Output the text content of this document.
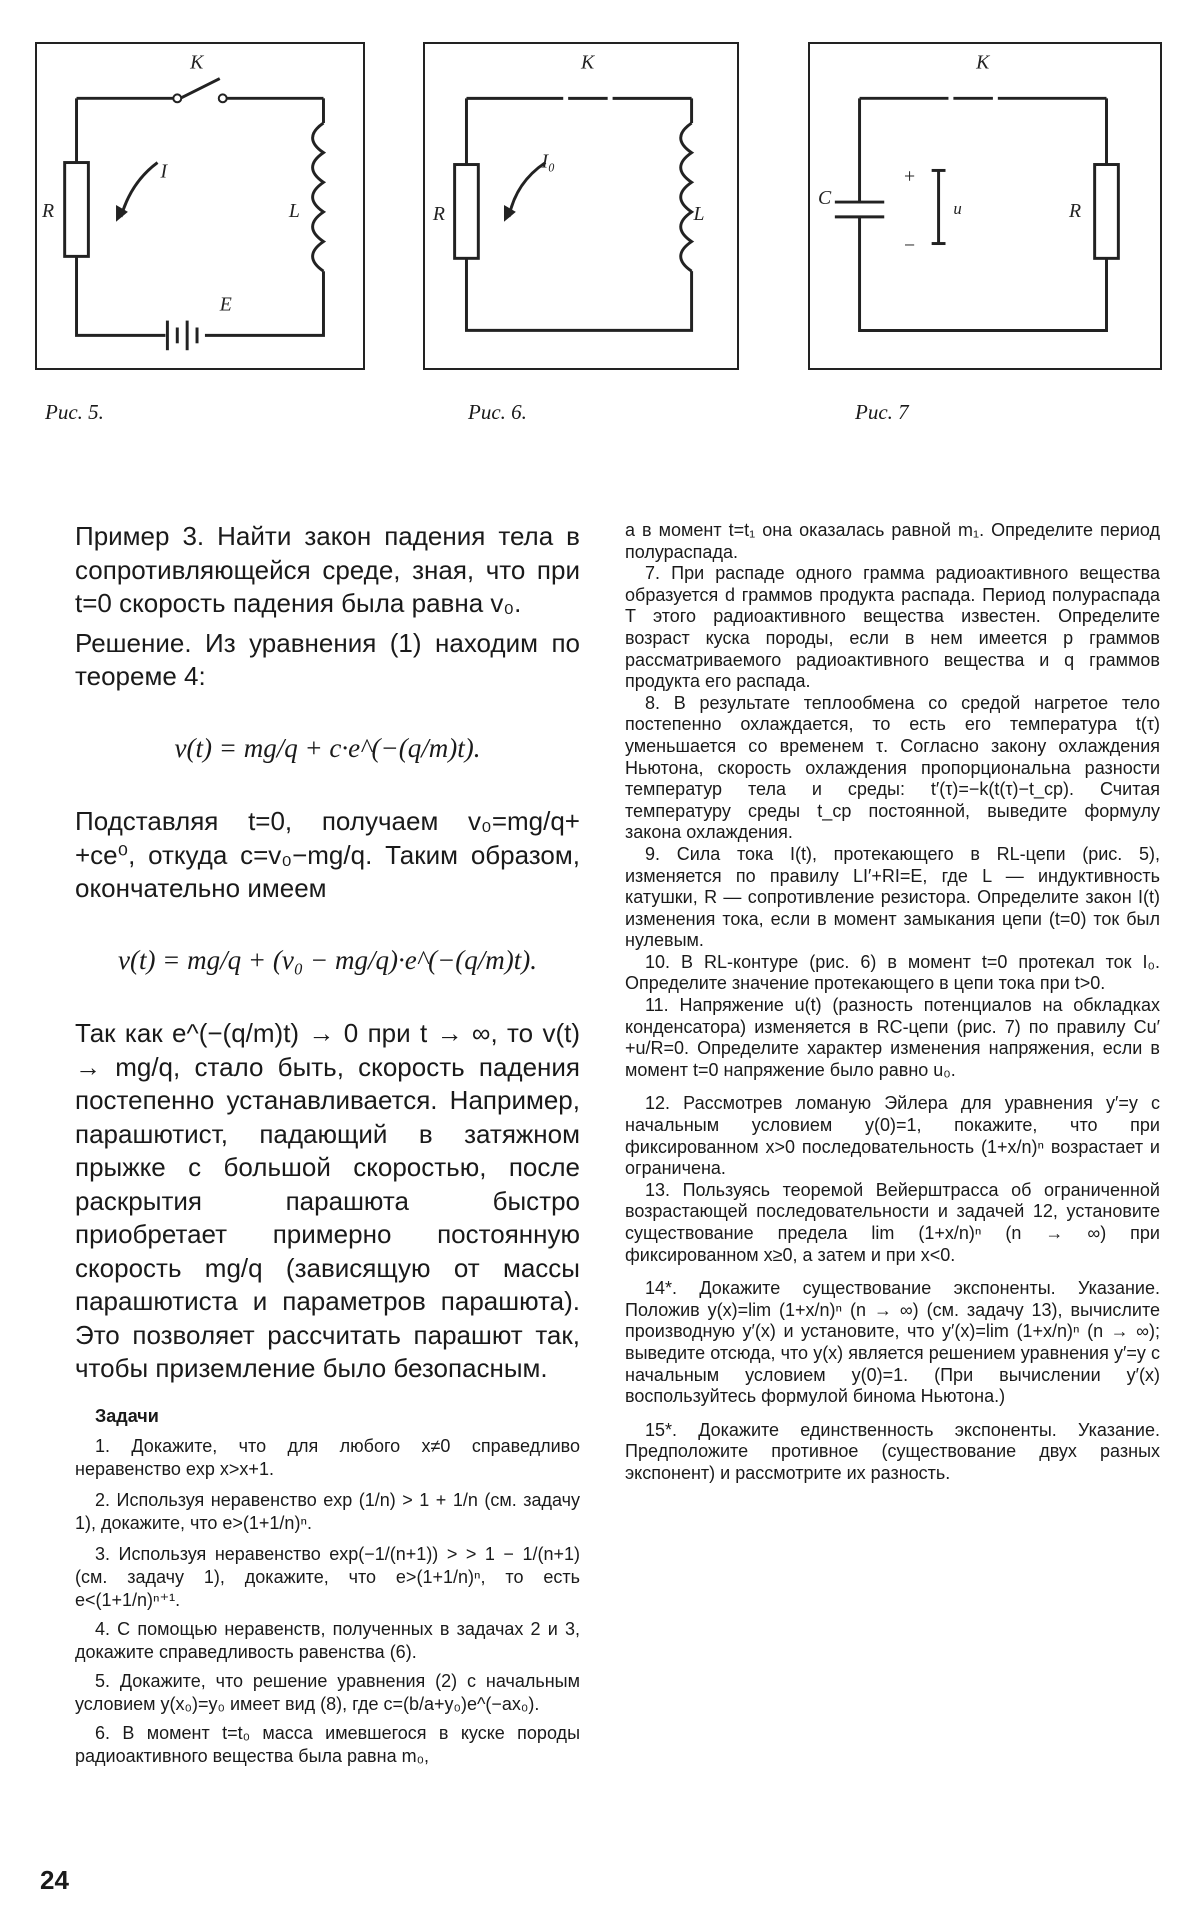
K
I
R	L
E
K
I₀
R	L
K
C
R
u
+
−
Рис. 5.	Рис. 6.	Рис. 7

Пример 3. Найти закон падения тела в сопротивляющейся среде, зная, что при t=0 скорость падения была равна v₀.

Решение. Из уравнения (1) находим по теореме 4:

v(t) = mg/q + c·e^(−(q/m)t).

Подставляя t=0, получаем v₀=mg/q+ +ce⁰, откуда c=v₀−mg/q. Таким образом, окончательно имеем

v(t) = mg/q + (v₀ − mg/q)·e^(−(q/m)t).

Так как e^(−(q/m)t) → 0 при t → ∞, то v(t) → mg/q, стало быть, скорость падения постепенно устанавливается. Например, парашютист, падающий в затяжном прыжке с большой скоростью, после раскрытия парашюта быстро приобретает примерно постоянную скорость mg/q (зависящую от массы парашютиста и параметров парашюта). Это позволяет рассчитать парашют так, чтобы приземление было безопасным.

Задачи

1. Докажите, что для любого x≠0 справедливо неравенство exp x>x+1.

2. Используя неравенство exp (1/n) > 1 + 1/n (см. задачу 1), докажите, что e>(1+1/n)ⁿ.

3. Используя неравенство exp(−1/(n+1)) > > 1 − 1/(n+1) (см. задачу 1), докажите, что e>(1+1/n)ⁿ, то есть e<(1+1/n)ⁿ⁺¹.

4. С помощью неравенств, полученных в задачах 2 и 3, докажите справедливость равенства (6).

5. Докажите, что решение уравнения (2) с начальным условием y(x₀)=y₀ имеет вид (8), где c=(b/a+y₀)e^(−ax₀).

6. В момент t=t₀ масса имевшегося в куске породы радиоактивного вещества была равна m₀,

а в момент t=t₁ она оказалась равной m₁. Определите период полураспада.

7. При распаде одного грамма радиоактивного вещества образуется d граммов продукта распада. Период полураспада T этого радиоактивного вещества известен. Определите возраст куска породы, если в нем имеется p граммов рассматриваемого радиоактивного вещества и q граммов продукта его распада.

8. В результате теплообмена со средой нагретое тело постепенно охлаждается, то есть его температура t(τ) уменьшается со временем τ. Согласно закону охлаждения Ньютона, скорость охлаждения пропорциональна разности температур тела и среды: t′(τ)=−k(t(τ)−t_ср). Считая температуру среды t_ср постоянной, выведите формулу закона охлаждения.

9. Сила тока I(t), протекающего в RL-цепи (рис. 5), изменяется по правилу LI′+RI=E, где L — индуктивность катушки, R — сопротивление резистора. Определите закон I(t) изменения тока, если в момент замыкания цепи (t=0) ток был нулевым.

10. В RL-контуре (рис. 6) в момент t=0 протекал ток I₀. Определите значение протекающего в цепи тока при t>0.

11. Напряжение u(t) (разность потенциалов на обкладках конденсатора) изменяется в RC-цепи (рис. 7) по правилу Cu′+u/R=0. Определите характер изменения напряжения, если в момент t=0 напряжение было равно u₀.

12. Рассмотрев ломаную Эйлера для уравнения y′=y с начальным условием y(0)=1, покажите, что при фиксированном x>0 последовательность (1+x/n)ⁿ возрастает и ограничена.

13. Пользуясь теоремой Вейерштрасса об ограниченной возрастающей последовательности и задачей 12, установите существование предела lim (1+x/n)ⁿ (n → ∞) при фиксированном x≥0, а затем и при x<0.

14*. Докажите существование экспоненты. Указание. Положив y(x)=lim (1+x/n)ⁿ (n → ∞) (см. задачу 13), вычислите производную y′(x) и установите, что y′(x)=lim (1+x/n)ⁿ (n → ∞); выведите отсюда, что y(x) является решением уравнения y′=y с начальным условием y(0)=1. (При вычислении y′(x) воспользуйтесь формулой бинома Ньютона.)

15*. Докажите единственность экспоненты. Указание. Предположите противное (существование двух разных экспонент) и рассмотрите их разность.

24
